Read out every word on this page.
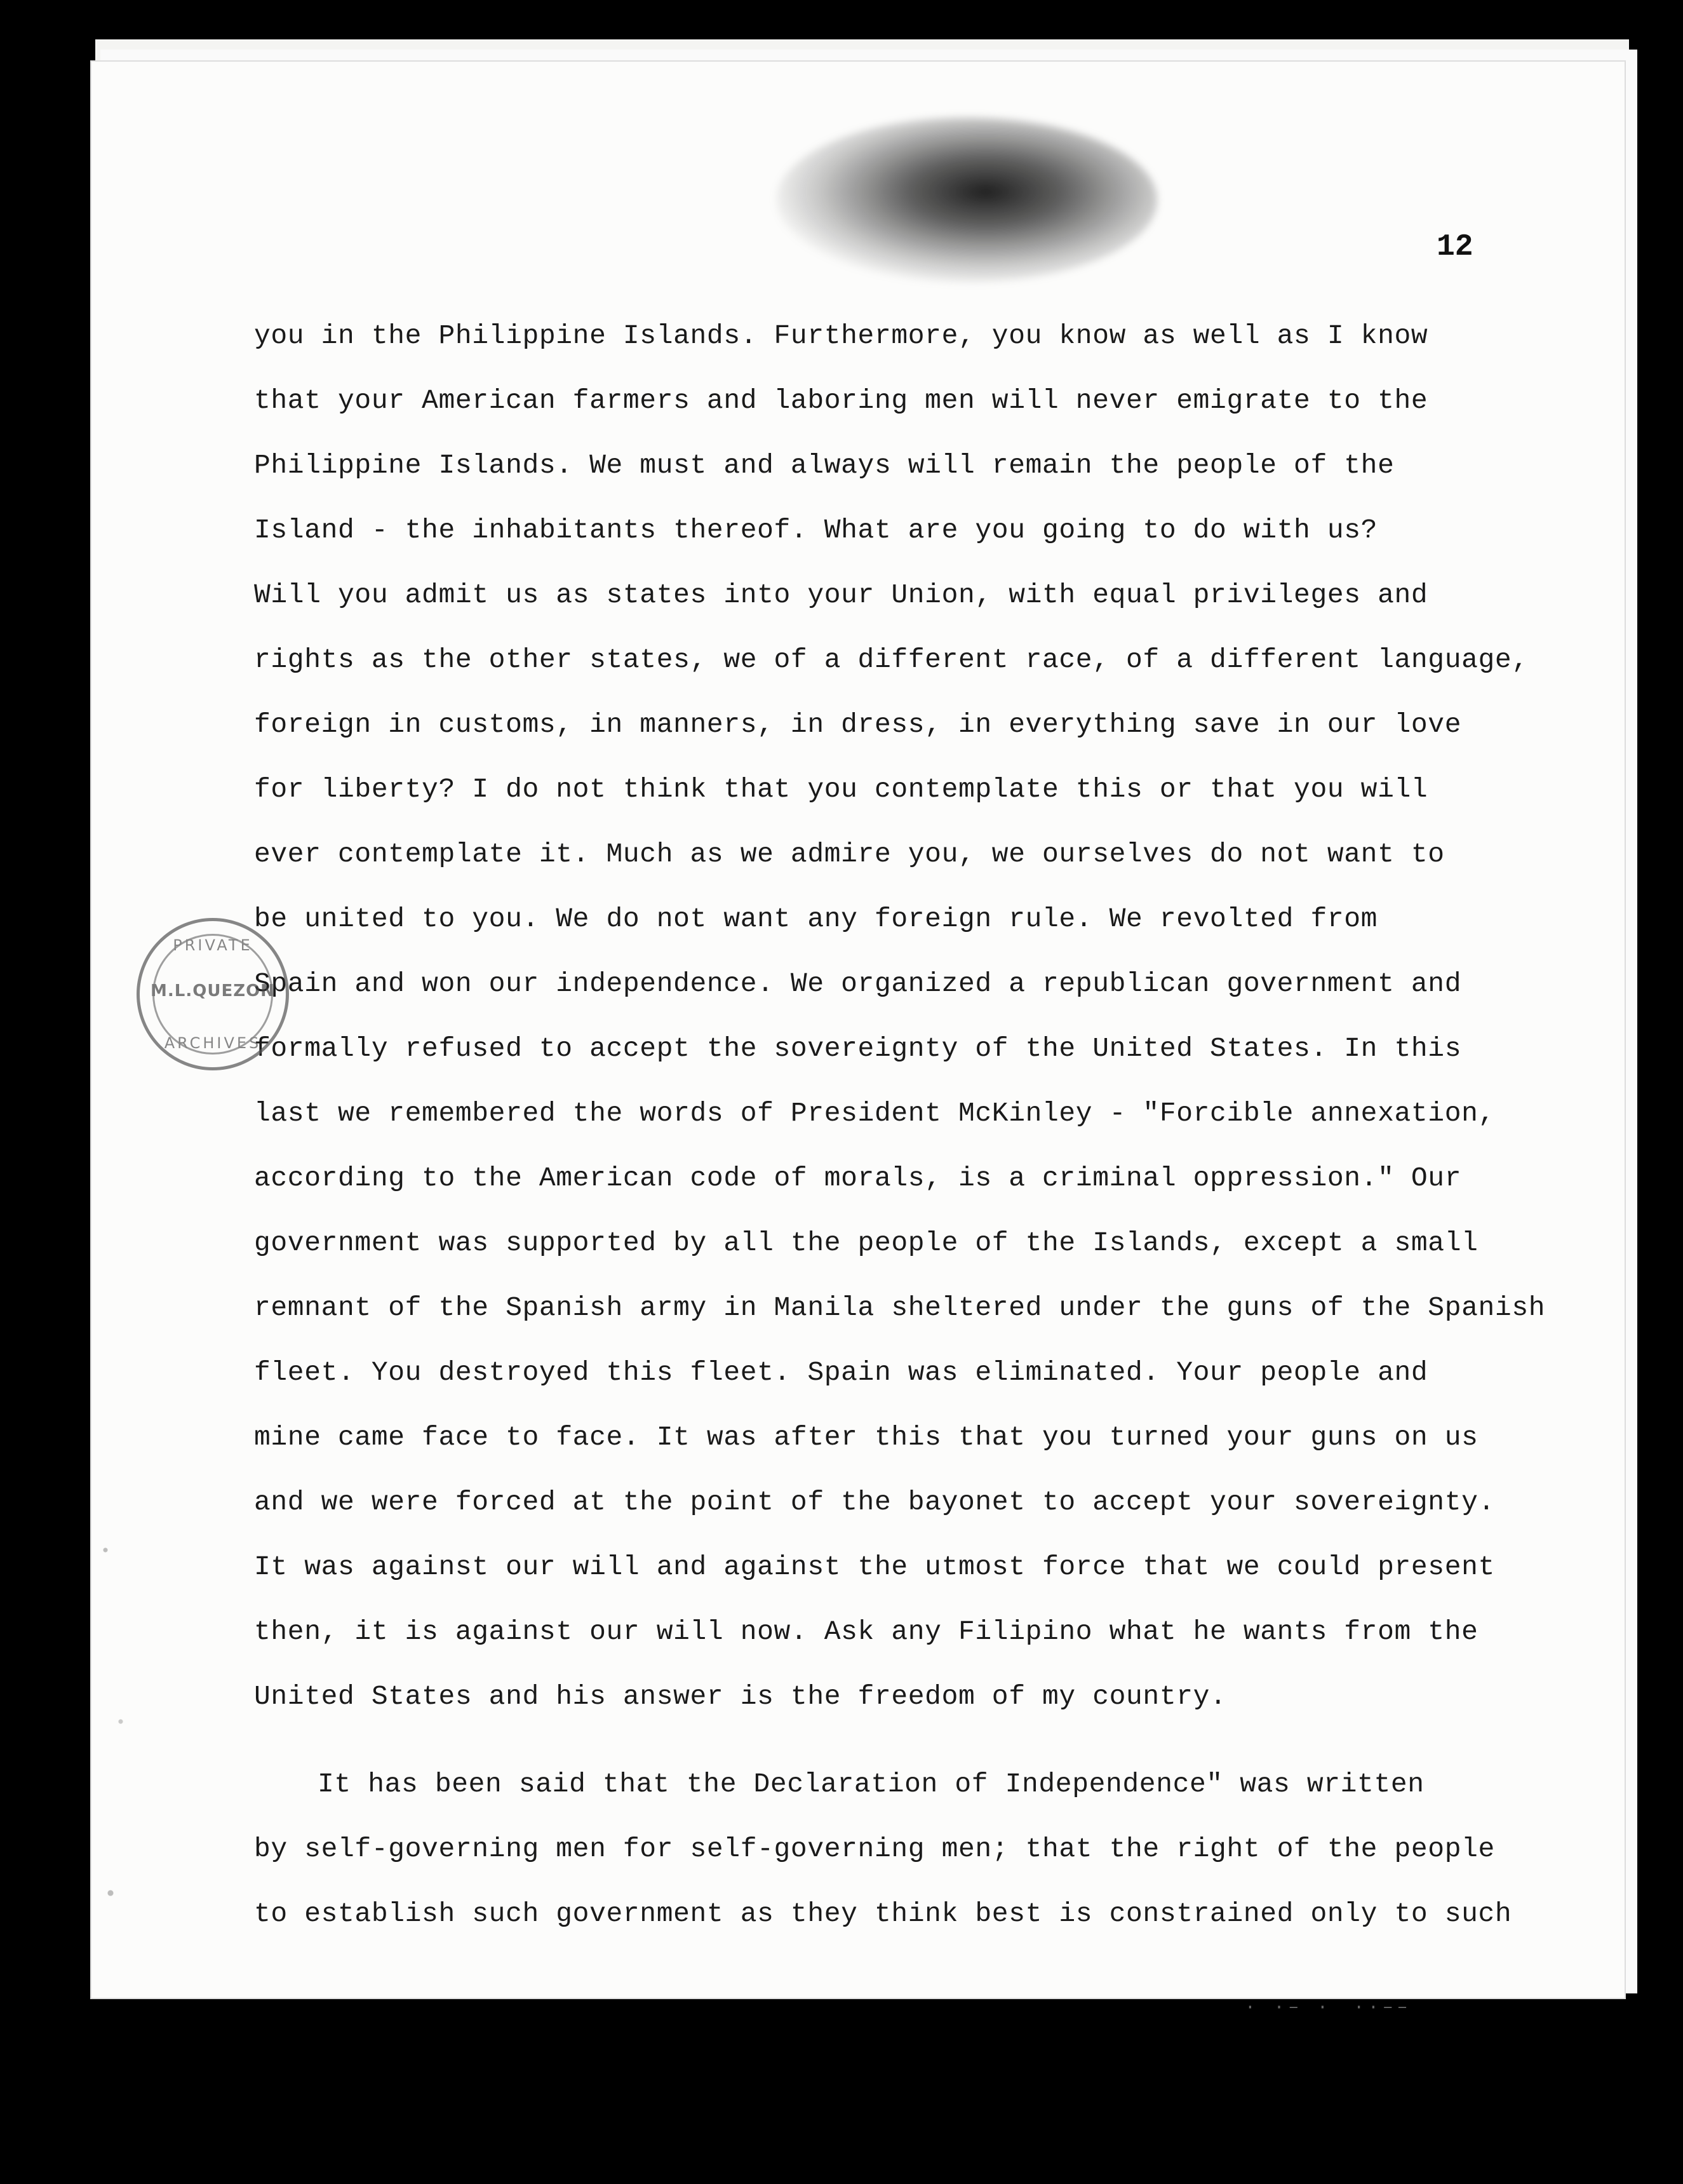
12
you in the Philippine Islands. Furthermore, you know as well as I know
that your American farmers and laboring men will never emigrate to the
Philippine Islands. We must and always will remain the people of the
Island - the inhabitants thereof. What are you going to do with us?
Will you admit us as states into your Union, with equal privileges and
rights as the other states, we of a different race, of a different language,
foreign in customs, in manners, in dress, in everything save in our love
for liberty? I do not think that you contemplate this or that you will
ever contemplate it. Much as we admire you, we ourselves do not want to
be united to you. We do not want any foreign rule. We revolted from
Spain and won our independence. We organized a republican government and
formally refused to accept the sovereignty of the United States. In this
last we remembered the words of President McKinley - "Forcible annexation,
according to the American code of morals, is a criminal oppression." Our
government was supported by all the people of the Islands, except a small
remnant of the Spanish army in Manila sheltered under the guns of the Spanish
fleet. You destroyed this fleet. Spain was eliminated. Your people and
mine came face to face. It was after this that you turned your guns on us
and we were forced at the point of the bayonet to accept your sovereignty.
It was against our will and against the utmost force that we could present
then, it is against our will now. Ask any Filipino what he wants from the
United States and his answer is the freedom of my country.
It has been said that the Declaration of Independence" was written
by self-governing men for self-governing men; that the right of the people
to establish such government as they think best is constrained only to such
PRIVATE
M.L.QUEZON
ARCHIVES
· ·– ·  ··––
